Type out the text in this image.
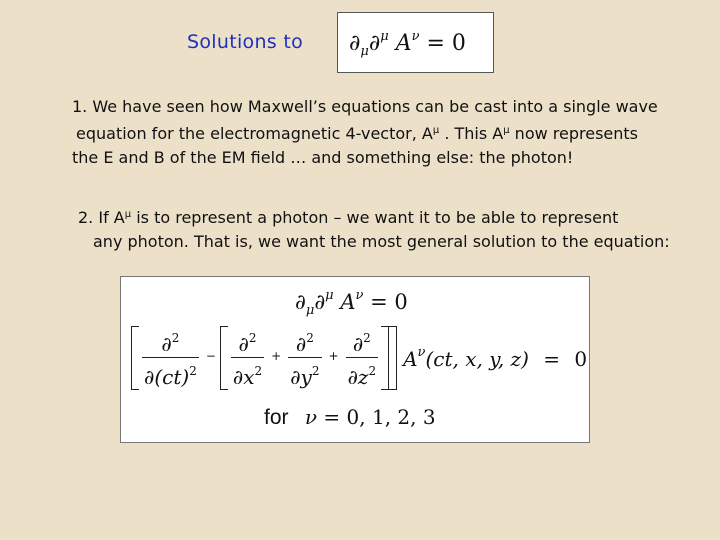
Solutions to $\partial_\mu\partial^\mu$ $A^\nu = 0$
1. We have seen how Maxwell’s equations can be cast into a single wave
equation for the electromagnetic 4-vector, $A^\mu$ . This $A^\mu$ now represents
the E and B of the EM field … and something else: the photon!
2. If $A^\mu$ is to represent a photon – we want it to be able to represent
any photon. That is, we want the most general solution to the equation:
$\partial_\mu\partial^\mu$ $A^\nu = 0$
$\frac{\partial^2}{\partial(ct)^2} - \frac{\partial^2}{\partial x^2} + \frac{\partial^2}{\partial y^2} + \frac{\partial^2}{\partial z^2} A^\nu(ct$, x, y, z) = 0
for ν = 0, 1, 2, 3
